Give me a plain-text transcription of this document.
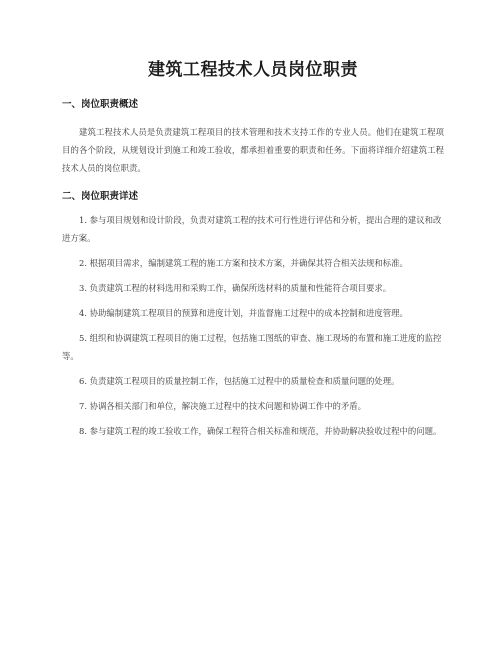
建筑工程技术人员岗位职责
一、岗位职责概述

建筑工程技术人员是负责建筑工程项目的技术管理和技术支持工作的专业人员。他们在建筑工程项目的各个阶段，从规划设计到施工和竣工验收，都承担着重要的职责和任务。下面将详细介绍建筑工程技术人员的岗位职责。

二、岗位职责详述
1. 参与项目规划和设计阶段，负责对建筑工程的技术可行性进行评估和分析，提出合理的建议和改进方案。
2. 根据项目需求，编制建筑工程的施工方案和技术方案，并确保其符合相关法规和标准。
3. 负责建筑工程的材料选用和采购工作，确保所选材料的质量和性能符合项目要求。
4. 协助编制建筑工程项目的预算和进度计划，并监督施工过程中的成本控制和进度管理。
5. 组织和协调建筑工程项目的施工过程，包括施工图纸的审查、施工现场的布置和施工进度的监控等。
6. 负责建筑工程项目的质量控制工作，包括施工过程中的质量检查和质量问题的处理。
7. 协调各相关部门和单位，解决施工过程中的技术问题和协调工作中的矛盾。
8. 参与建筑工程的竣工验收工作，确保工程符合相关标准和规范，并协助解决验收过程中的问题。
